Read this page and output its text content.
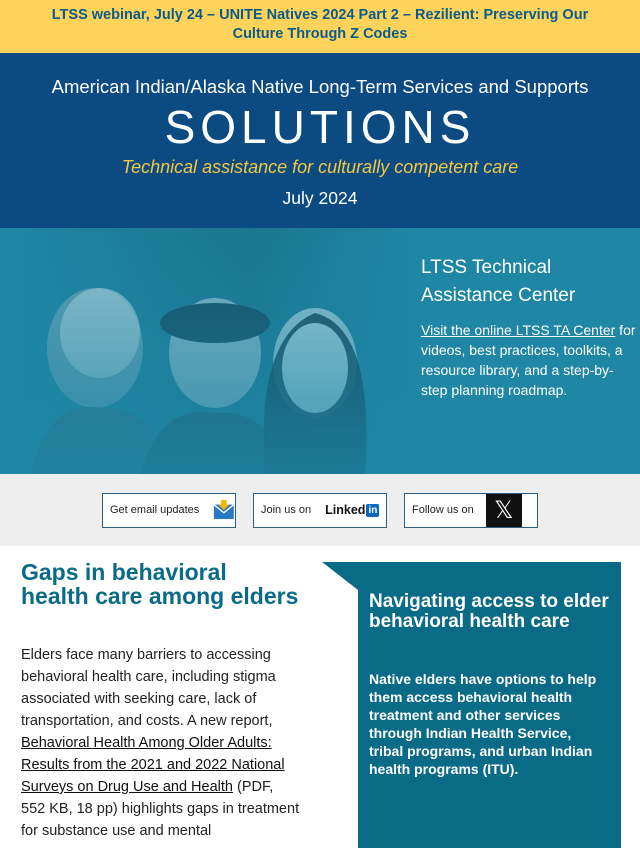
LTSS webinar, July 24 – UNITE Natives 2024 Part 2 – Rezilient: Preserving Our
Culture Through Z Codes
American Indian/Alaska Native Long-Term Services and Supports
SOLUTIONS
Technical assistance for culturally competent care
July 2024
LTSS Technical
Assistance Center

Visit the online LTSS TA Center for videos, best practices, toolkits, a resource library, and a step-by-step planning roadmap.

Get email updates	Join us on Linked in	Follow us on 𝕏
Gaps in behavioral health care among elders

Elders face many barriers to accessing behavioral health care, including stigma associated with seeking care, lack of transportation, and costs. A new report, Behavioral Health Among Older Adults: Results from the 2021 and 2022 National Surveys on Drug Use and Health (PDF, 552 KB, 18 pp) highlights gaps in treatment for substance use and mental

Navigating access to elder behavioral health care

Native elders have options to help them access behavioral health treatment and other services through Indian Health Service, tribal programs, and urban Indian health programs (ITU).
